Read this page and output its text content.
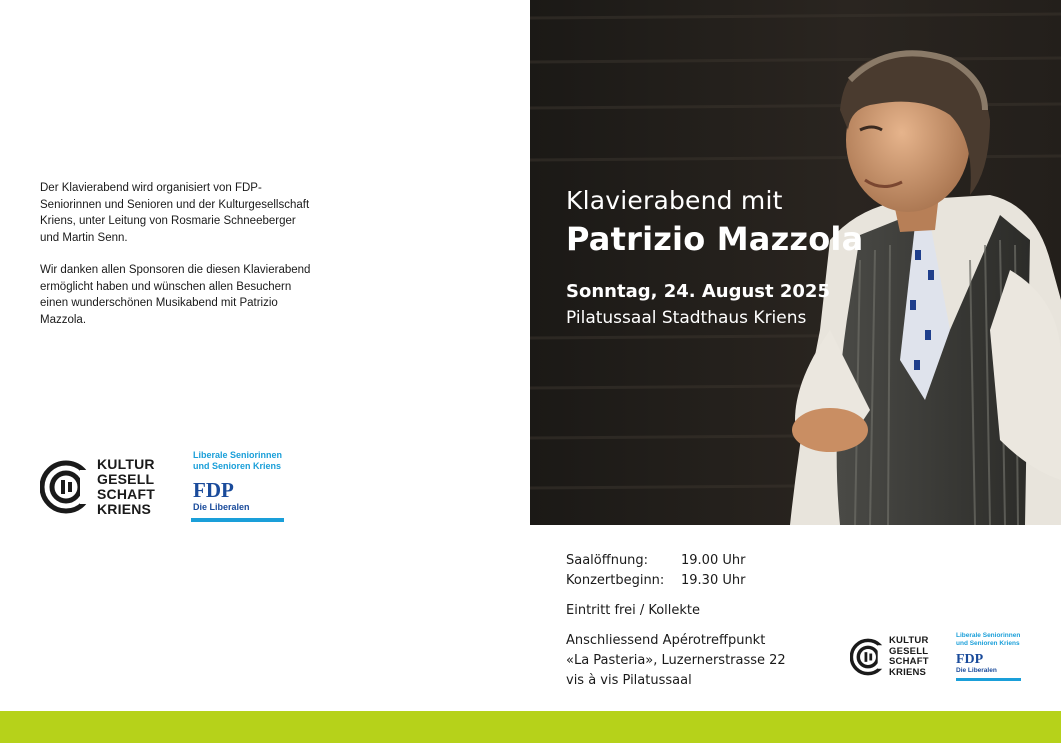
Der Klavierabend wird organisiert von FDP-Seniorinnen und Senioren und der Kulturgesellschaft Kriens, unter Leitung von Rosmarie Schneeberger und Martin Senn.

Wir danken allen Sponsoren die diesen Klavierabend ermöglicht haben und wünschen allen Besuchern einen wunderschönen Musikabend mit Patrizio Mazzola.

KULTUR
GESELL
SCHAFT
KRIENS
Liberale Seniorinnen
und Senioren Kriens
FDP
Die Liberalen
Klavierabend mit
Patrizio Mazzola
Sonntag, 24. August 2025
Pilatussaal Stadthaus Kriens
Saalöffnung:	19.00 Uhr
Konzertbeginn:	19.30 Uhr
Eintritt frei / Kollekte
Anschliessend Apérotreffpunkt
«La Pasteria», Luzernerstrasse 22
vis à vis Pilatussaal
KULTUR
GESELL
SCHAFT
KRIENS
Liberale Seniorinnen
und Senioren Kriens
FDP
Die Liberalen
